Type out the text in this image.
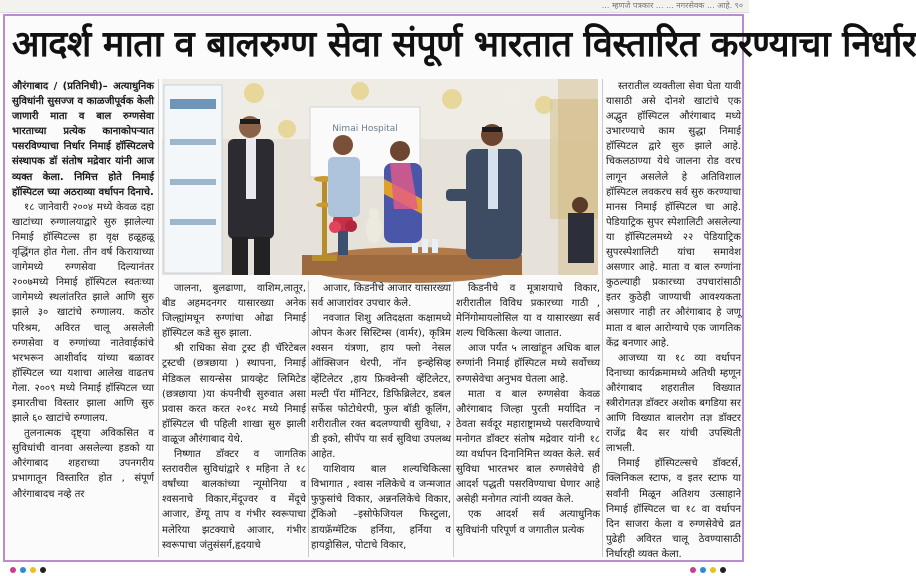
... म्हणजे पत्रकार ... ... नगरसेवक ... आहे. ९०
आदर्श माता व बालरुग्ण सेवा संपूर्ण भारतात विस्तारित करण्याचा निर्धार

औरंगाबाद / (प्रतिनिधी)– अत्याधुनिक सुविधांनी सुसज्ज व काळजीपूर्वक केली जाणारी माता व बाल रुग्णसेवा भारताच्या प्रत्येक कानाकोपऱ्यात पसरविण्याचा निर्धार निमाई हॉस्पिटलचे संस्थापक डॉ संतोष मद्रेवार यांनी आज व्यक्त केला. निमित्त होते निमाई हॉस्पिटल च्या अठराव्या वर्धापन दिनाचे.

१८ जानेवारी २००४ मध्ये केवळ दहा खाटांच्या रुग्णालयाद्वारे सुरु झालेल्या निमाई हॉस्पिटल्स हा वृक्ष हळूहळू वृद्धिंगत होत गेला. तीन वर्ष किरायाच्या जागेमध्ये रुग्णसेवा दिल्यानंतर २००७मध्ये निमाई हॉस्पिटल स्वतःच्या जागेमध्ये स्थलांतरित झाले आणि सुरु झाले ३० खाटांचे रुग्णालय. कठोर परिश्रम, अविरत चालू असलेली रुग्णसेवा व रुग्णांच्या नातेवाईकांचे भरभरून आशीर्वाद यांच्या बळावर हॉस्पिटल च्या यशाचा आलेख वाढतच गेला. २००९ मध्ये निमाई हॉस्पिटल च्या इमारतीचा विस्तार झाला आणि सुरु झाले ६० खाटांचे रुग्णालय.

तुलनात्मक दृष्ट्या अविकसित व सुविधांची वानवा असलेल्या हडको या औरंगाबाद शहराच्या उपनगरीय प्रभागातून विस्तारित होत , संपूर्ण औरंगाबादच नव्हे तर

Nimai Hospital

जालना, बुलढाणा, वाशिम,लातूर, बीड अहमदनगर यासारख्या अनेक जिल्ह्यांमधून रुग्णांचा ओढा निमाई हॉस्पिटल कडे सुरु झाला.

श्री राधिका सेवा ट्रस्ट ही चॅरिटेबल ट्रस्टची (छत्रछाया ) स्थापना, निमाई मेडिकल सायन्सेस प्रायव्हेट लिमिटेड (छत्रछाया )या कंपनीची सुरुवात असा प्रवास करत करत २०१८ मध्ये निमाई हॉस्पिटल ची पहिली शाखा सुरु झाली वाळूज औरंगाबाद येथे.

निष्णात डॉक्टर व जागतिक स्तरावरील सुविधांद्वारे १ महिना ते १८ वर्षांच्या बालकांच्या न्यूमोनिया व श्वसनाचे विकार,मेंदूज्वर व मेंदूचे आजार, डेंग्यू ताप व गंभीर स्वरूपाचा मलेरिया झटक्याचे आजार, गंभीर स्वरूपाचा जंतुसंसर्ग,हृदयाचे

आजार, किडनीचे आजार यासारख्या सर्व आजारांवर उपचार केले.

नवजात शिशु अतिदक्षता कक्षामध्ये ओपन केअर सिस्टिम्स (वार्मर), कृत्रिम श्वसन यंत्रणा, हाय फ्लो नेसल ऑक्सिजन थेरपी, नॉन इन्व्हेसिव्ह व्हेंटिलेटर ,हाय फ्रिक्वेन्सी व्हेंटिलेटर, मल्टी पॅरा मॉनिटर, डिफिब्रिलेटर, डबल सर्फेस फोटोथेरपी, फुल बॉडी कूलिंग, शरीरातील रक्त बदलण्याची सुविधा, २ डी इको, सीपॅप या सर्व सुविधा उपलब्ध आहेत.

याशिवाय बाल शल्यचिकित्सा विभागात , श्वास नलिकेचे व जन्मजात फुफुसांचे विकार, अन्ननलिकेचे विकार, ट्रॅकिओ –इसोफेजियल फिस्टुला, डायफ्रॅग्मॅटिक हर्निया, हर्निया व हायड्रोसिल, पोटाचे विकार,

किडनीचे व मूत्राशयाचे विकार, शरीरातील विविध प्रकारच्या गाठी , मेनिंगोमायलोसिल या व यासारख्या सर्व शल्य चिकित्सा केल्या जातात.

आज पर्यंत ५ लाखांहून अधिक बाल रुग्णांनी निमाई हॉस्पिटल मध्ये सर्वोच्च्य रुग्णसेवेचा अनुभव घेतला आहे.

माता व बाल रुग्णसेवा केवळ औरंगाबाद जिल्हा पुरती मर्यादित न ठेवता सर्वदूर महाराष्ट्रामध्ये पसरविण्याचे मनोगत डॉक्टर संतोष मद्रेवार यांनी १८ व्या वर्धापन दिनानिमित्त व्यक्त केले. सर्व सुविधा भारतभर बाल रुग्णसेवेचे ही आदर्श पद्धती पसरविण्याचा घेणार आहे असेही मनोगत त्यांनी व्यक्त केले.

एक आदर्श सर्व अत्याधुनिक सुविधांनी परिपूर्ण व जगातील प्रत्येक

स्तरातील व्यक्तीला सेवा घेता यावी यासाठी असे दोनशे खाटांचे एक अद्भुत हॉस्पिटल औरंगाबाद मध्ये उभारण्याचे काम सुद्धा निमाई हॉस्पिटल द्वारे सुरु झाले आहे. चिकलठाण्या येथे जालना रोड वरच लागून असलेले हे अतिविशाल हॉस्पिटल लवकरच सर्व सुरु करण्याचा मानस निमाई हॉस्पिटल चा आहे. पेडियाट्रिक सुपर स्पेशालिटी असलेल्या या हॉस्पिटलमध्ये २२ पेडियाट्रिक सुपरस्पेशालिटी यांचा समावेश असणार आहे. माता व बाल रुग्णांना कुठल्याही प्रकारच्या उपचारांसाठी इतर कुठेही जाण्याची आवश्यकता असणार नाही तर औरंगाबाद हे जणू माता व बाल आरोग्याचे एक जागतिक केंद्र बनणार आहे.

आजच्या या १८ व्या वर्धापन दिनाच्या कार्यक्रमामध्ये अतिथी म्हणून औरंगाबाद शहरातील विख्यात स्त्रीरोगतज्ञ डॉक्टर अशोक बगडिया सर आणि विख्यात बालरोग तज्ञ डॉक्टर राजेंद्र बैद सर यांची उपस्थिती लाभली.

निमाई हॉस्पिटल्सचे डॉक्टर्स, क्लिनिकल स्टाफ, व इतर स्टाफ या सर्वांनी मिळून अतिशय उत्साहाने निमाई हॉस्पिटल चा १८ वा वर्धापन दिन साजरा केला व रुग्णसेवेचे व्रत पुढेही अविरत चालू ठेवण्यासाठी निर्धारही व्यक्त केला.
